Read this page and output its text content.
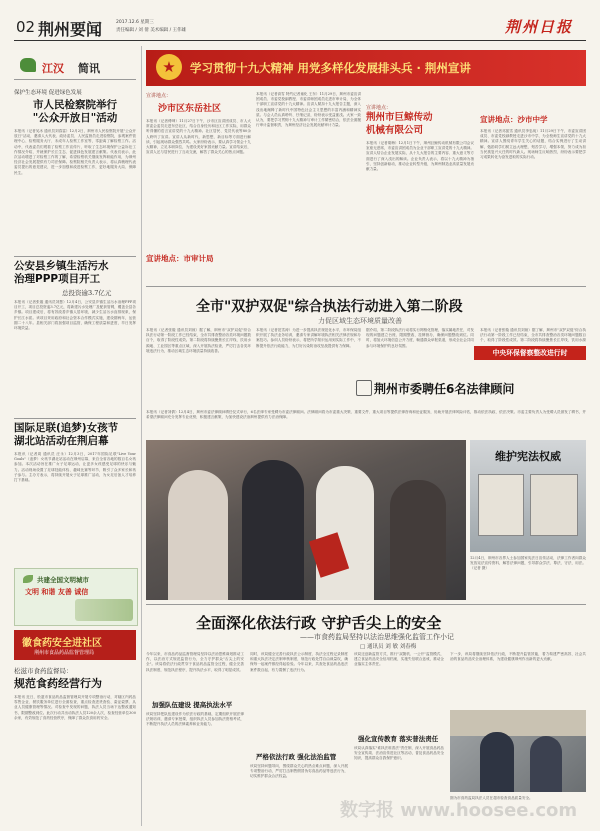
02 荆州要闻	2017.12.6 星期三
责任编辑 / 刘 倩 美术编辑 / 王伟雄	荆州日报
江汉 简讯
保护生态环境 促进绿色发展
市人民检察院举行
"公众开放日"活动
本报讯（记者吴冰 通讯员刘春雷）12月2日，荆州市人民检察院开展"公众开放日"活动，邀请人大代表、政协委员、人民监督员走进检察院，参观案件管理中心、检察服务大厅、未成年人检察工作室等，零距离了解检察工作。活动中，代表委员们观看了检察工作宣传片，听取了生态环境保护公益诉讼工作情况介绍，并就保护长江生态、促进绿色发展建言献策。代表们表示，此次活动增进了对检察工作的了解，希望检察机关继续发挥职能作用，为荆州经济社会发展提供有力司法保障。检察院相关负责人表示，将认真梳理代表委员提出的意见建议，进一步加强和改进检察工作，更好地服务大局、保障民生。
公安县乡镇生活污水
治理PPP项目开工
总投资逾3.7亿元
本报讯（记者张璇 通讯员刘慧）12月4日，公安县乡镇生活污水治理PPP项目开工，项目总投资逾3.7亿元，将新建污水处理厂及配套管网，覆盖全县各乡镇。项目建成后，将有效改善乡镇人居环境，减少生活污水直排现象，保护长江水质。该项目采用政府和社会资本合作模式实施，建设期两年，运营期二十八年。县相关部门将加强项目监管，确保工程质量和进度，早日发挥环境效益。
国际足联(追梦)女孩节
湖北站活动在荆启幕
本报讯（记者周 通讯员 汪永）12月3日，2017年国际足联"Live Your Goals"（追梦）女孩节湖北站活动在荆州启幕，来自全省各地的数百名女孩参加。本次活动旨在推广女子足球运动，让更多女孩感受足球的快乐与魅力。活动现场设置了足球技能体验、趣味比赛等环节，吸引了众多家长和孩子参与。主办方表示，将持续开展女子足球推广活动，为女足后备人才培养打下基础。
共建全国文明城市
文明 和谐 友善 诚信
徽食药安全进社区
荆州市食品药品监督管理局
松滋市食药监督局：
规范食药经营行为
本报讯 近日，松滋市食品药品监督管理局开展专项整治行动，对辖区内药品零售企业、餐饮服务单位进行全面检查，重点检查进货查验、索证索票、从业人员健康管理等情况。对检查中发现的问题，执法人员当场下达整改通知书，限期整改到位。此次行动共出动执法人员120余人次，检查经营单位300余家，有效规范了食药经营秩序，保障了群众饮食用药安全。
★	学习贯彻十九大精神 用党多样化发展排头兵 · 荆州宣讲
宣讲地点：
沙市区东岳社区
本报讯（记者傅坤）11月27日下午，沙市区宣讲团成员、市人大常委会委员走进东岳社区，结合自身经历和社区工作实际，用群众听得懂的语言宣讲党的十九大精神。社区居民、党员代表等80余人聆听了宣讲。宣讲人从新时代、新思想、新目标等方面进行解读，引起现场群众强烈共鸣。大家纷纷表示，要认真学习领会十九大精神，立足本职岗位，为建设美好家园贡献力量。宣讲结束后，宣讲人还与居民进行了互动交流，解答了群众关心的热点问题。
宣讲地点：市审计局
本报讯（记者高雪 特约记者童化 王东）11月29日，荆州市委宣讲团成员、市委党校副教授、市委讲师团成员走进市审计局，为全体干部职工宣讲党的十九大精神。宣讲人紧扣十九大报告主题，深入浅出地阐释了新时代中国特色社会主义思想的丰富内涵和精神实质。与会人员认真聆听、仔细记录，纷纷表示受益匪浅。大家一致认为，要把学习贯彻十九大精神与审计工作紧密结合，依法全面履行审计监督职责，为荆州经济社会发展贡献审计力量。
宣讲地点：
荆州市巨鲸传动
机械有限公司
本报讯（记者胡梅）12月1日下午，荆州巨鲸传动机械有限公司会议室座无虚席，市委宣讲团成员为企业干部职工宣讲党的十九大精神。宣讲人结合企业发展实际，从十九大报告的主要内容、重大意义等方面进行了深入浅出的解读。企业负责人表示，将以十九大精神为指引，坚持创新驱动，推动企业转型升级，为荆州制造业高质量发展贡献力量。
宣讲地点：沙市中学
本报讯（记者邓振雪 通讯员李忠纯）11月29日下午，市委宣讲团成员、市委党校副教授走进沙市中学，为全校师生宣讲党的十九大精神。宣讲人围绕青年学生关心的话题，结合实例进行了生动讲解，勉励同学们树立远大理想，刻苦学习，增强本领，努力成为担当民族复兴大任的时代新人。现场师生反响热烈，纷纷表示要把学习成果转化为奋发进取的实际行动。
全市"双护双促"综合执法行动进入第二阶段
力促区域生态环境质量改善
本报讯（记者张璇 通讯员刘琼）据了解，荆州市"双护双促"综合执法行动第一阶段工作已经结束，全市共排查整治各类环境问题数百个，取得了阶段性成效。第二阶段将持续聚焦长江岸线、饮用水源地、工业园区等重点区域，深入开展执法检查，严厉打击各类环境违法行为，推动区域生态环境质量持续改善。
本报讯（记者范雪涛）为进一步提高执法规范化水平，市环保局组织开展了执法业务培训，邀请专家讲解环境执法相关法律法规和办案技巧。参训人员纷纷表示，将把所学知识运用到实际工作中，不断提升依法行政能力，为打好污染防治攻坚战提供有力保障。
据介绍，第二阶段执法行动将实行网格化管理，落实属地责任，对发现的问题建立台账、限期整改、挂牌督办，确保问题整改到位。同时，将加大环境信息公开力度，畅通群众举报渠道，形成全社会共同参与环境保护的良好氛围。
本报讯（记者张璇 通讯员刘琼）据了解，荆州市"双护双促"综合执法行动第一阶段工作已经结束，全市共排查整治各类环境问题数百个，取得了阶段性成效。第二阶段将持续聚焦长江岸线、饮用水源
中央环保督察整改进行时
荆州市委聘任6名法律顾问
本报讯（记者刘倩）12月4日，荆州市委法律顾问聘任仪式举行，6名法律专家受聘为市委法律顾问。法律顾问将为市委重大决策、重要文件、重大项目等提供法律咨询和论证服务，协助开展法律风险评估，推动依法执政、依法决策。市委主要负责人为受聘人员颁发了聘书，并希望法律顾问充分发挥专业优势，积极建言献策，为加快建设法治荆州提供有力法治保障。
维护宪法权威
12月4日，荆州市各界人士参加国家宪法日宣传活动，法律工作者向群众发放宪法宣传资料，解答法律问题，引导群众学法、尊法、守法、用法。（记者 摄）
全面深化依法行政 守护舌尖上的安全
——市食药监局坚持以法治思维强化监管工作小记
□ 通讯员 刘 敏 刘春梅
今年以来，市食品药品监督管理局坚持以法治思维谋划推动工作，以法治方式规范监管行为，全力守护群众"舌尖上的安全"。该局将依法行政贯穿于食品药品监管全过程，健全完善执法制度，规范执法程序，提升执法水平，取得了明显成效。
加强队伍建设 提高执法水平
该局坚持把队伍建设作为依法行政的基础，定期组织开展法律法规培训，邀请专家授课，组织执法人员参加执法资格考试，不断提升执法人员的法律素养和业务能力。
同时，该局健全完善行政执法公示制度、执法全过程记录制度和重大执法决定法制审核制度，规范行政处罚自由裁量权，确保每一起案件都经得起检验。今年以来，共查处食品药品违法案件数百起，有力震慑了违法行为。
严格依法行政 强化法治监管
该局坚持问题导向，围绕群众关心的热点难点问题，深入开展专项整治行动，严厉打击制售假冒伪劣食品药品等违法行为，切实维护群众合法权益。
该局还创新监管方式，推行"双随机、一公开"监管模式，建立食品药品安全信用档案，实施失信联合惩戒，推动企业落实主体责任。
强化宣传教育 落实普法责任
该局认真落实"谁执法谁普法"责任制，深入开展食品药品安全宣传周、法治宣传进社区等活动，普及食品药品安全知识，提高群众自我保护意识。
下一步，该局将继续坚持依法行政，不断提升监管效能，着力构建严密高效、社会共治的食品药品安全治理体系，为建设健康荆州作出新的更大贡献。
图为市食药监局执法人员在超市检查食品质量安全。
数字报 www.hoosee.com
